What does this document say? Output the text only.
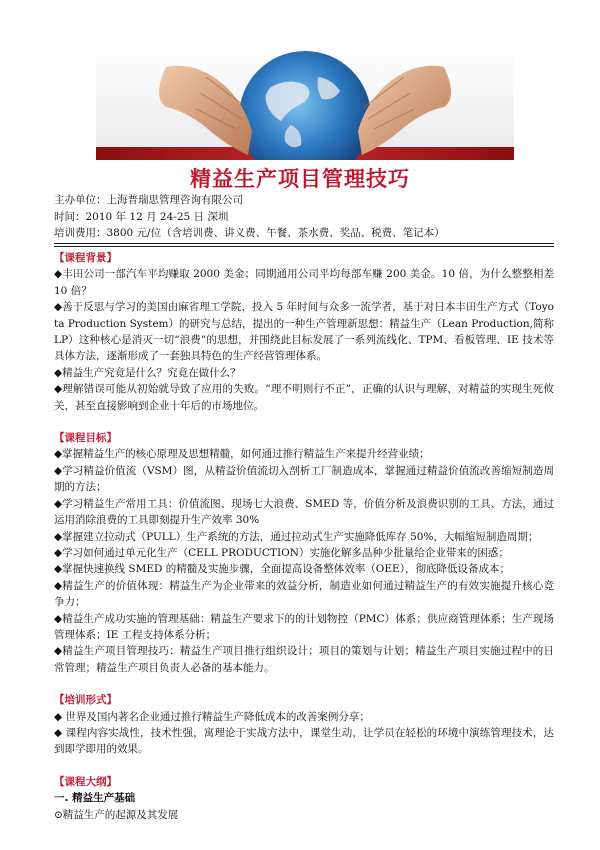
精益生产项目管理技巧
主办单位：上海普瑞思管理咨询有限公司
时间：2010 年 12 月 24-25 日 深圳
培训费用：3800 元/位（含培训费、讲义费、午餐、茶水费、奖品、税费、笔记本）
【课程背景】
◆丰田公司一部汽车平均赚取 2000 美金；同期通用公司平均每部车赚 200 美金。10 倍，为什么整整相差 10 倍？
◆善于反思与学习的美国由麻省理工学院，投入 5 年时间与众多一流学者，基于对日本丰田生产方式（Toyota Production System）的研究与总结，提出的一种生产管理新思想：精益生产（Lean Production,简称 LP）这种核心是消灭一切“浪费”的思想，并围绕此目标发展了一系列流线化、TPM、看板管理、IE 技术等具体方法，逐渐形成了一套独具特色的生产经营管理体系。
◆精益生产究竟是什么？究竟在做什么？
◆理解错误可能从初始就导致了应用的失败。“理不明则行不正”，正确的认识与理解，对精益的实现生死攸关，甚至直接影响到企业十年后的市场地位。
【课程目标】
◆掌握精益生产的核心原理及思想精髓，如何通过推行精益生产来提升经营业绩；
◆学习精益价值流（VSM）图，从精益价值流切入剖析工厂制造成本，掌握通过精益价值流改善缩短制造周期的方法；
◆学习精益生产常用工具：价值流图、现场七大浪费、SMED 等，价值分析及浪费识别的工具、方法，通过运用消除浪费的工具即刻提升生产效率 30%
◆掌握建立拉动式（PULL）生产系统的方法，通过拉动式生产实施降低库存 50%，大幅缩短制造周期；
◆学习如何通过单元化生产（CELL PRODUCTION）实施化解多品种少批量给企业带来的困惑；
◆掌握快速换线 SMED 的精髓及实施步骤，全面提高设备整体效率（OEE），彻底降低设备成本；
◆精益生产的价值体现：精益生产为企业带来的效益分析，制造业如何通过精益生产的有效实施提升核心竞争力；
◆精益生产成功实施的管理基础：精益生产要求下的的计划物控（PMC）体系；供应商管理体系；生产现场管理体系；IE 工程支持体系分析；
◆精益生产项目管理技巧：精益生产项目推行组织设计；项目的策划与计划；精益生产项目实施过程中的日常管理；精益生产项目负责人必备的基本能力。
【培训形式】
◆ 世界及国内著名企业通过推行精益生产降低成本的改善案例分享；
◆ 课程内容实战性，技术性强，寓理论于实战方法中，课堂生动，让学员在轻松的环境中演练管理技术，达到即学即用的效果。
【课程大纲】
一. 精益生产基础
⊙精益生产的起源及其发展
